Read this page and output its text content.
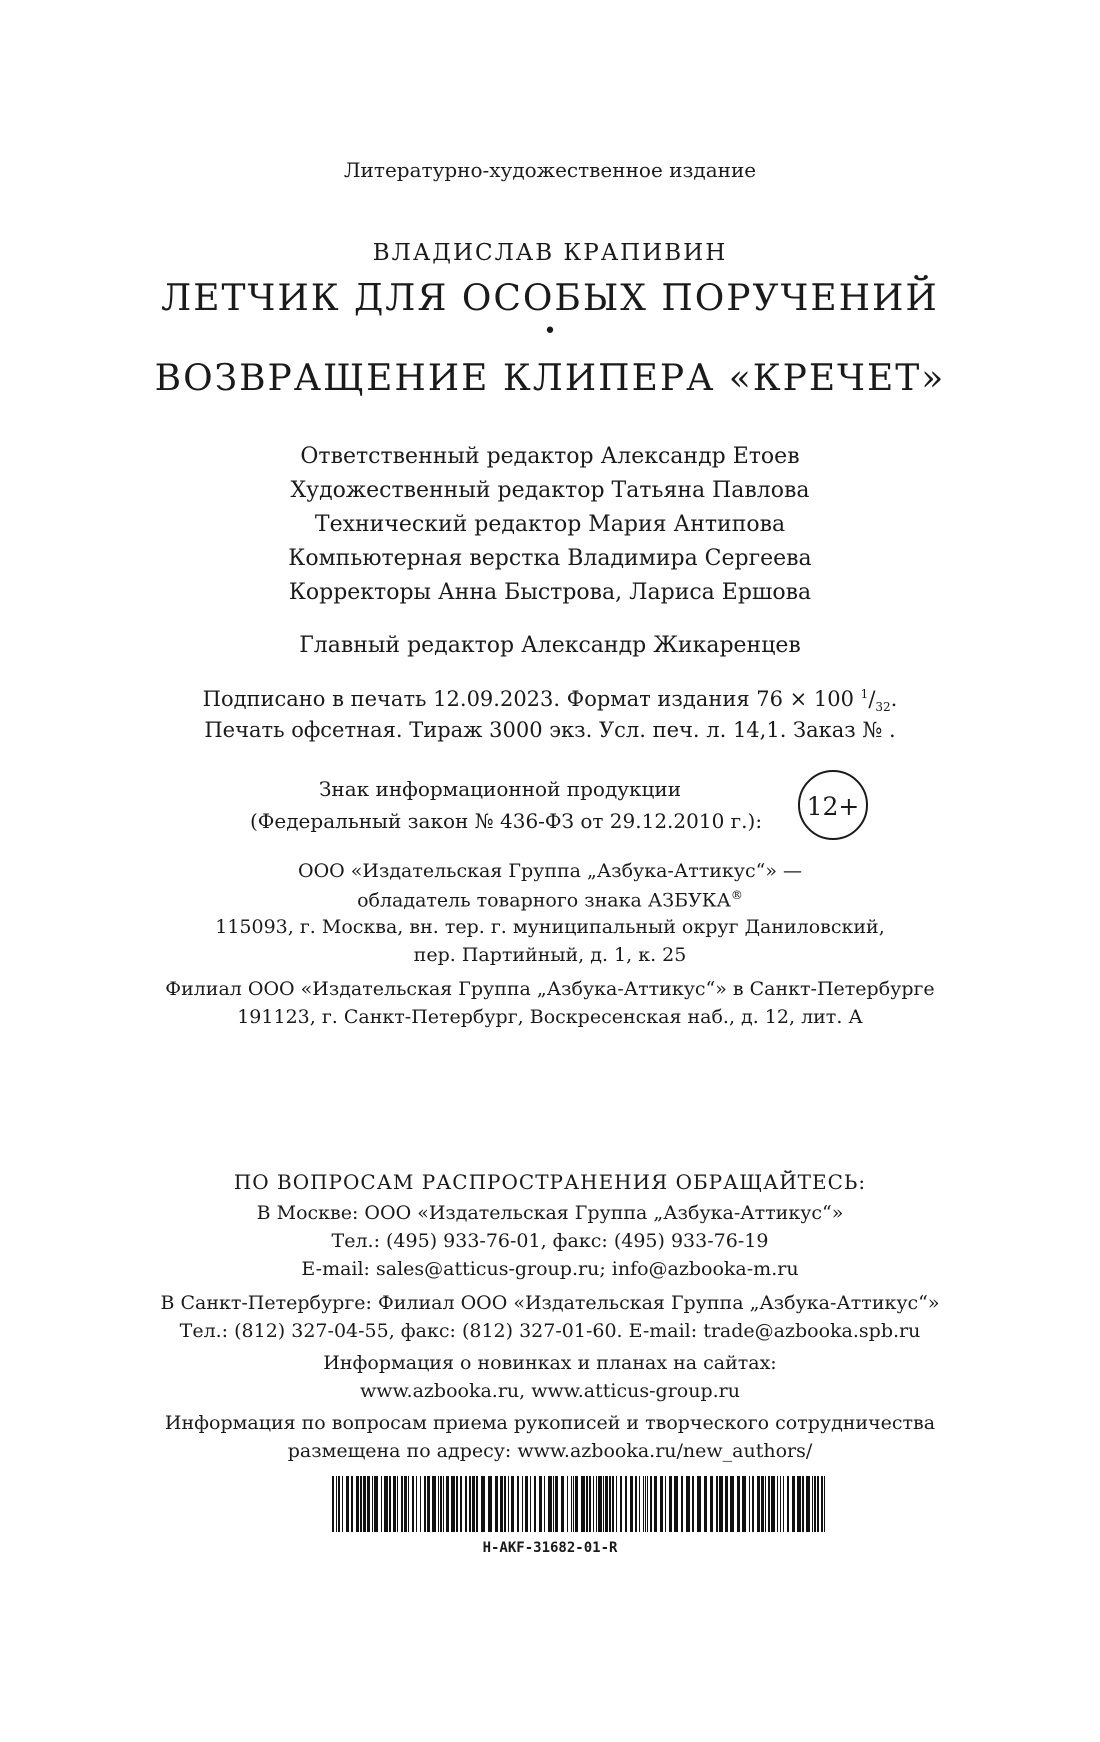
Литературно-художественное издание
ВЛАДИСЛАВ КРАПИВИН
ЛЕТЧИК ДЛЯ ОСОБЫХ ПОРУЧЕНИЙ
•
ВОЗВРАЩЕНИЕ КЛИПЕРА «КРЕЧЕТ»
Ответственный редактор Александр Етоев
Художественный редактор Татьяна Павлова
Технический редактор Мария Антипова
Компьютерная верстка Владимира Сергеева
Корректоры Анна Быстрова, Лариса Ершова
Главный редактор Александр Жикаренцев
Подписано в печать 12.09.2023. Формат издания 76 × 100 $^1/_{32}$.
Печать офсетная. Тираж 3000 экз. Усл. печ. л. 14,1. Заказ № .
Знак информационной продукции
(Федеральный закон № 436-ФЗ от 29.12.2010 г.):	12+
ООО «Издательская Группа „Азбука-Аттикус“» —
обладатель товарного знака АЗБУКА®
115093, г. Москва, вн. тер. г. муниципальный округ Даниловский,
пер. Партийный, д. 1, к. 25
Филиал ООО «Издательская Группа „Азбука-Аттикус“» в Санкт-Петербурге
191123, г. Санкт-Петербург, Воскресенская наб., д. 12, лит. А
ПО ВОПРОСАМ РАСПРОСТРАНЕНИЯ ОБРАЩАЙТЕСЬ:
В Москве: ООО «Издательская Группа „Азбука-Аттикус“»
Тел.: (495) 933-76-01, факс: (495) 933-76-19
E-mail: sales@atticus-group.ru; info@azbooka-m.ru
В Санкт-Петербурге: Филиал ООО «Издательская Группа „Азбука-Аттикус“»
Тел.: (812) 327-04-55, факс: (812) 327-01-60. E-mail: trade@azbooka.spb.ru
Информация о новинках и планах на сайтах:
www.azbooka.ru, www.atticus-group.ru
Информация по вопросам приема рукописей и творческого сотрудничества
размещена по адресу: www.azbooka.ru/new_authors/
H-AKF-31682-01-R
